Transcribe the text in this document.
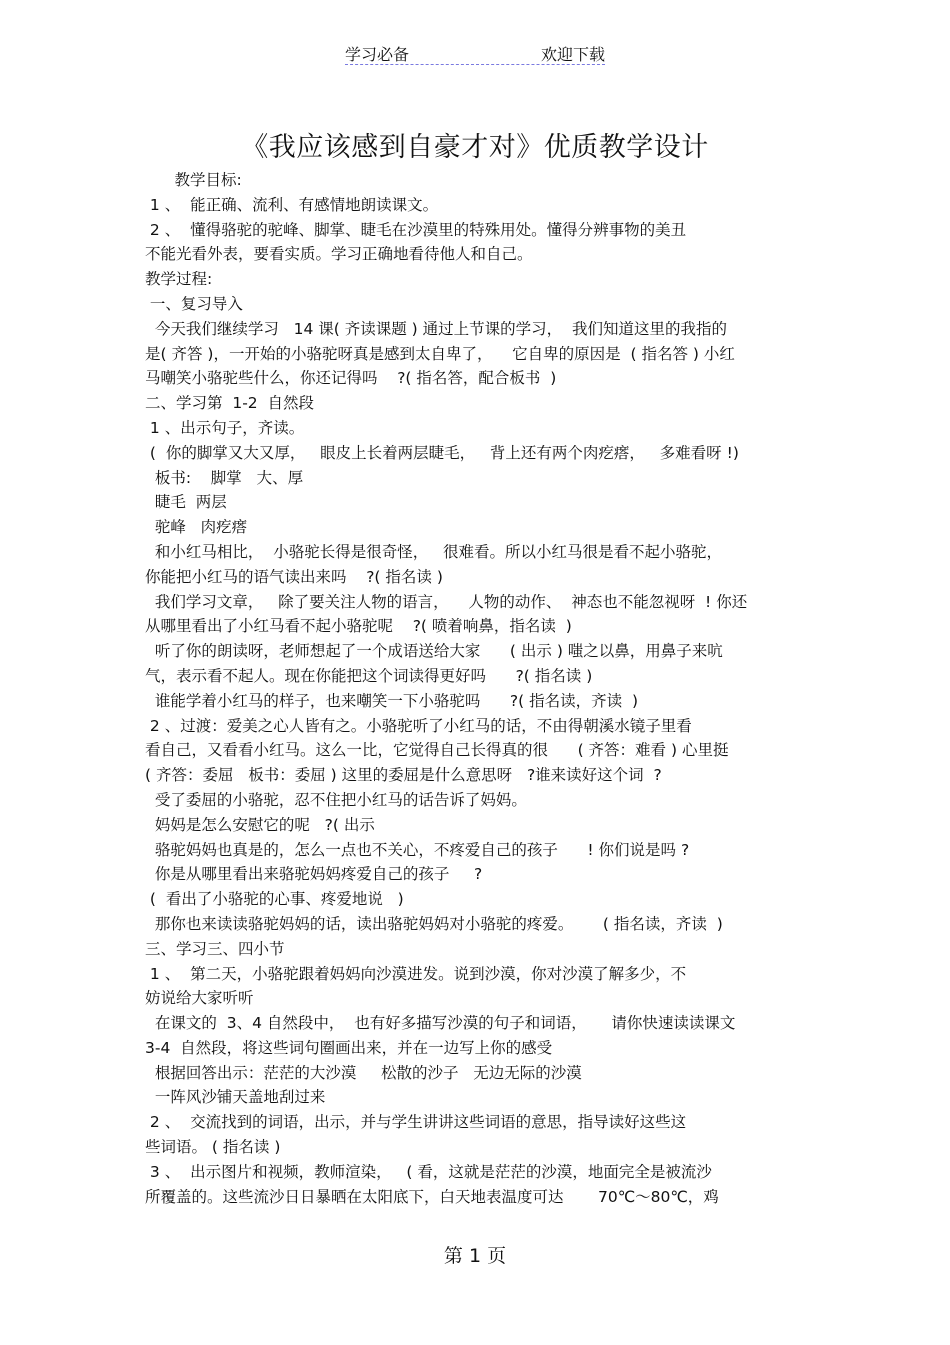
学习必备	欢迎下载
《我应该感到自豪才对》优质教学设计
教学目标:
1 、  能正确、流利、有感情地朗读课文。
2 、  懂得骆驼的驼峰、脚掌、睫毛在沙漠里的特殊用处。懂得分辨事物的美丑
不能光看外表，要看实质。学习正确地看待他人和自己。
教学过程:
一、复习导入
今天我们继续学习   14 课( 齐读课题 ) 通过上节课的学习，  我们知道这里的我指的
是( 齐答 )，一开始的小骆驼呀真是感到太自卑了，    它自卑的原因是  ( 指名答 ) 小红
马嘲笑小骆驼些什么，你还记得吗    ?( 指名答，配合板书  )
二、学习第  1-2  自然段
1 、出示句子，齐读。
(  你的脚掌又大又厚，   眼皮上长着两层睫毛，   背上还有两个肉疙瘩，   多难看呀 !)
板书:    脚掌   大、厚
睫毛  两层
驼峰   肉疙瘩
和小红马相比，  小骆驼长得是很奇怪，   很难看。所以小红马很是看不起小骆驼，
你能把小红马的语气读出来吗    ?( 指名读 )
我们学习文章，   除了要关注人物的语言，    人物的动作、  神态也不能忽视呀  ! 你还
从哪里看出了小红马看不起小骆驼呢    ?( 喷着响鼻，指名读  )
听了你的朗读呀，老师想起了一个成语送给大家      ( 出示 ) 嗤之以鼻，用鼻子来吭
气，表示看不起人。现在你能把这个词读得更好吗      ?( 指名读 )
谁能学着小红马的样子，也来嘲笑一下小骆驼吗      ?( 指名读，齐读  )
2 、过渡：爱美之心人皆有之。小骆驼听了小红马的话，不由得朝溪水镜子里看
看自己，又看看小红马。这么一比，它觉得自己长得真的很      ( 齐答：难看 ) 心里挺
( 齐答：委屈   板书：委屈 ) 这里的委屈是什么意思呀   ?谁来读好这个词  ?
受了委屈的小骆驼，忍不住把小红马的话告诉了妈妈。
妈妈是怎么安慰它的呢   ?( 出示
骆驼妈妈也真是的，怎么一点也不关心，不疼爱自己的孩子      ! 你们说是吗 ?
你是从哪里看出来骆驼妈妈疼爱自己的孩子     ?
(  看出了小骆驼的心事、疼爱地说   )
那你也来读读骆驼妈妈的话，读出骆驼妈妈对小骆驼的疼爱。      ( 指名读，齐读  )
三、学习三、四小节
1 、  第二天，小骆驼跟着妈妈向沙漠进发。说到沙漠，你对沙漠了解多少，不
妨说给大家听听
在课文的  3、4 自然段中，  也有好多描写沙漠的句子和词语，     请你快速读读课文
3-4  自然段，将这些词句圈画出来，并在一边写上你的感受
根据回答出示：茫茫的大沙漠     松散的沙子   无边无际的沙漠
一阵风沙铺天盖地刮过来
2 、  交流找到的词语，出示，并与学生讲讲这些词语的意思，指导读好这些这
些词语。 ( 指名读 )
3 、  出示图片和视频，教师渲染，   ( 看，这就是茫茫的沙漠，地面完全是被流沙
所覆盖的。这些流沙日日暴晒在太阳底下，白天地表温度可达       70℃～80℃，鸡
第 1 页
